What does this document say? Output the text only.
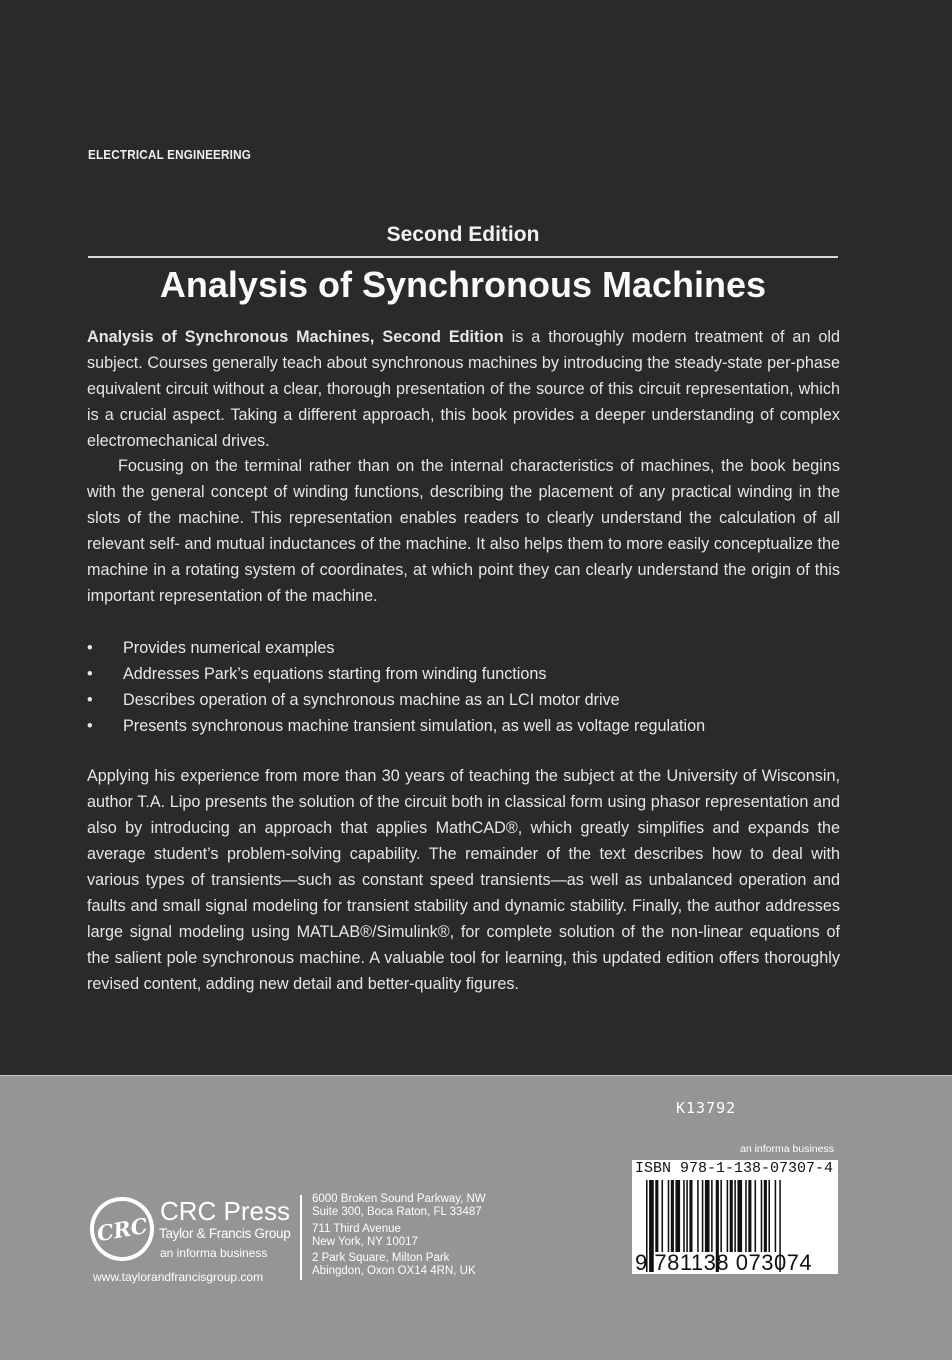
ELECTRICAL ENGINEERING
Second Edition
Analysis of Synchronous Machines

Analysis of Synchronous Machines, Second Edition is a thoroughly modern treatment of an old subject. Courses generally teach about synchronous machines by introducing the steady-state per-phase equivalent circuit without a clear, thorough presentation of the source of this circuit representation, which is a crucial aspect. Taking a different approach, this book provides a deeper understanding of complex electromechanical drives.

Focusing on the terminal rather than on the internal characteristics of machines, the book begins with the general concept of winding functions, describing the placement of any practical winding in the slots of the machine. This representation enables readers to clearly understand the calculation of all relevant self- and mutual inductances of the machine. It also helps them to more easily conceptualize the machine in a rotating system of coordinates, at which point they can clearly understand the origin of this important representation of the machine.

• Provides numerical examples
• Addresses Park’s equations starting from winding functions
• Describes operation of a synchronous machine as an LCI motor drive
• Presents synchronous machine transient simulation, as well as voltage regulation

Applying his experience from more than 30 years of teaching the subject at the University of Wisconsin, author T.A. Lipo presents the solution of the circuit both in classical form using phasor representation and also by introducing an approach that applies MathCAD®, which greatly simplifies and expands the average student’s problem-solving capability. The remainder of the text describes how to deal with various types of transients—such as constant speed transients—as well as unbalanced operation and faults and small signal modeling for transient stability and dynamic stability. Finally, the author addresses large signal modeling using MATLAB®/Simulink®, for complete solution of the non-linear equations of the salient pole synchronous machine. A valuable tool for learning, this updated edition offers thoroughly revised content, adding new detail and better-quality figures.

K13792
an informa business
ISBN 978-1-138-07307-4
9 781138 073074
CRC
CRC Press
Taylor & Francis Group
an informa business
www.taylorandfrancisgroup.com
6000 Broken Sound Parkway, NW
Suite 300, Boca Raton, FL 33487
711 Third Avenue
New York, NY 10017
2 Park Square, Milton Park
Abingdon, Oxon OX14 4RN, UK
